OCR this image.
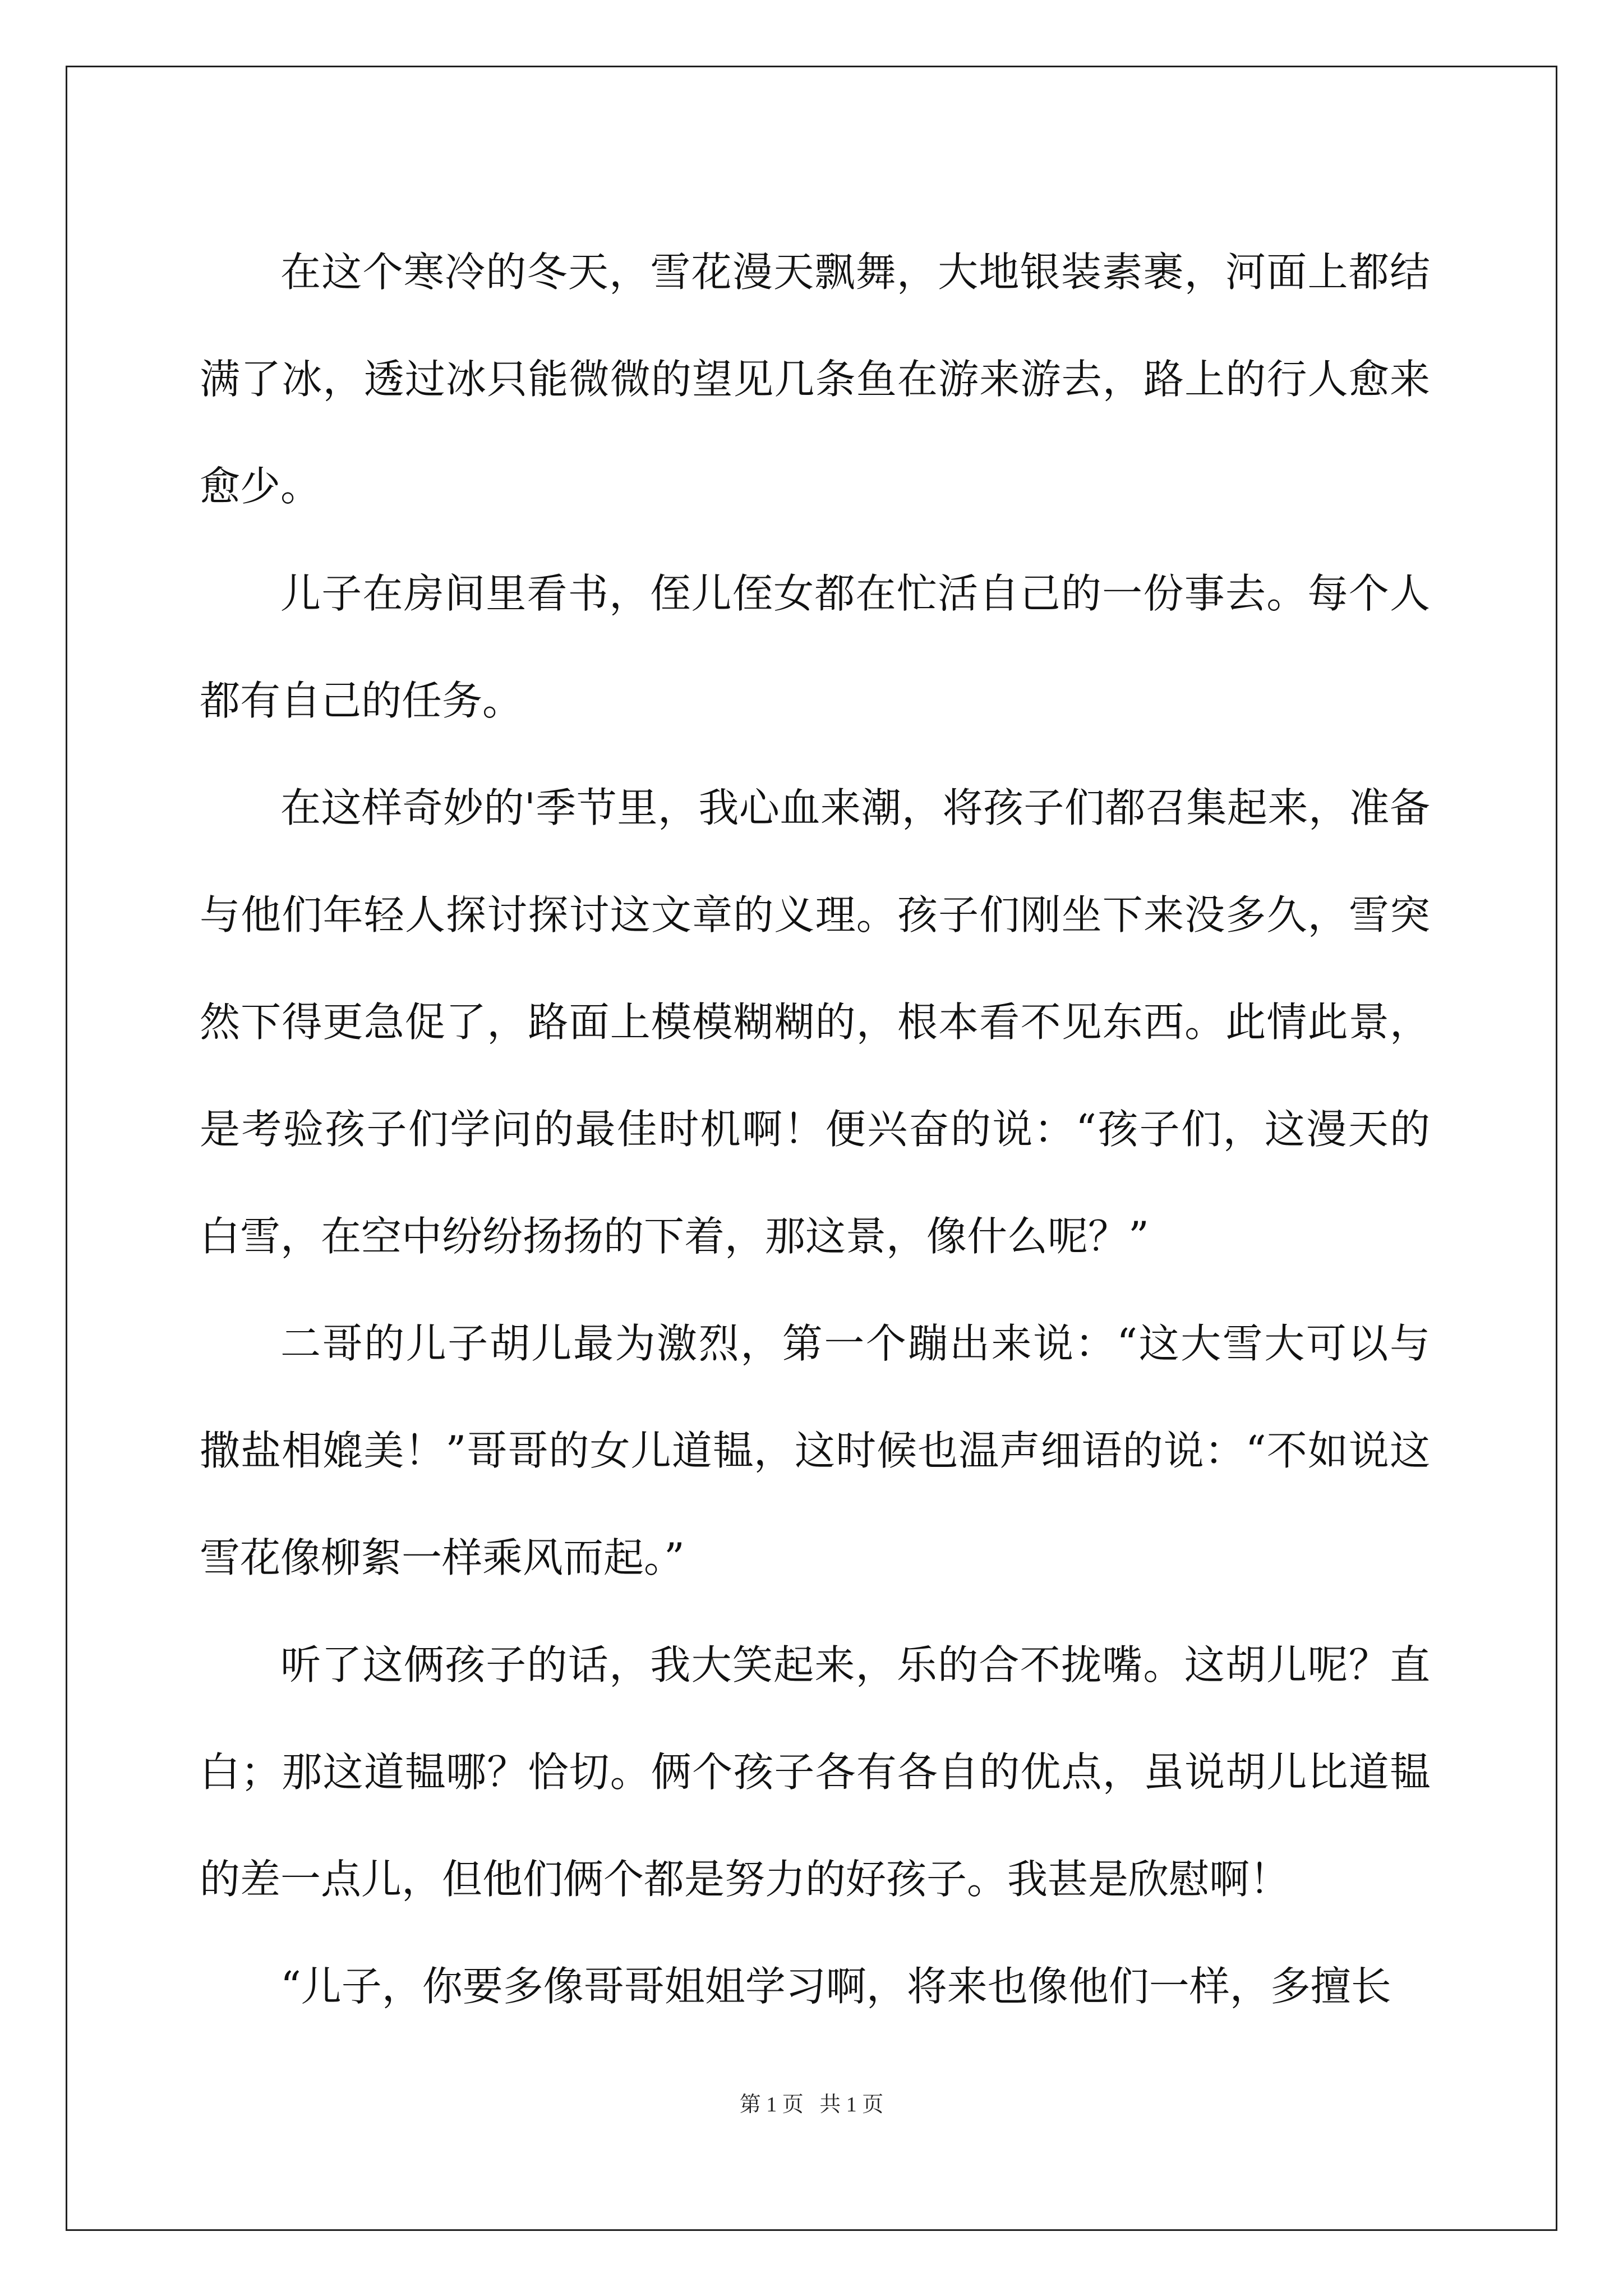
在这个寒冷的冬天，雪花漫天飘舞，大地银装素裹，河面上都结满了冰，透过冰只能微微的望见几条鱼在游来游去，路上的行人愈来愈少。

儿子在房间里看书，侄儿侄女都在忙活自己的一份事去。每个人都有自己的任务。

在这样奇妙的'季节里，我心血来潮，将孩子们都召集起来，准备与他们年轻人探讨探讨这文章的义理。孩子们刚坐下来没多久，雪突然下得更急促了，路面上模模糊糊的，根本看不见东西。此情此景，是考验孩子们学问的最佳时机啊！便兴奋的说：“孩子们，这漫天的白雪，在空中纷纷扬扬的下着，那这景，像什么呢？”

二哥的儿子胡儿最为激烈，第一个蹦出来说：“这大雪大可以与撒盐相媲美！”哥哥的女儿道韫，这时候也温声细语的说：“不如说这雪花像柳絮一样乘风而起。”

听了这俩孩子的话，我大笑起来，乐的合不拢嘴。这胡儿呢？直白；那这道韫哪？恰切。俩个孩子各有各自的优点，虽说胡儿比道韫的差一点儿，但他们俩个都是努力的好孩子。我甚是欣慰啊！

“儿子，你要多像哥哥姐姐学习啊，将来也像他们一样，多擅长

第 1 页   共 1 页
